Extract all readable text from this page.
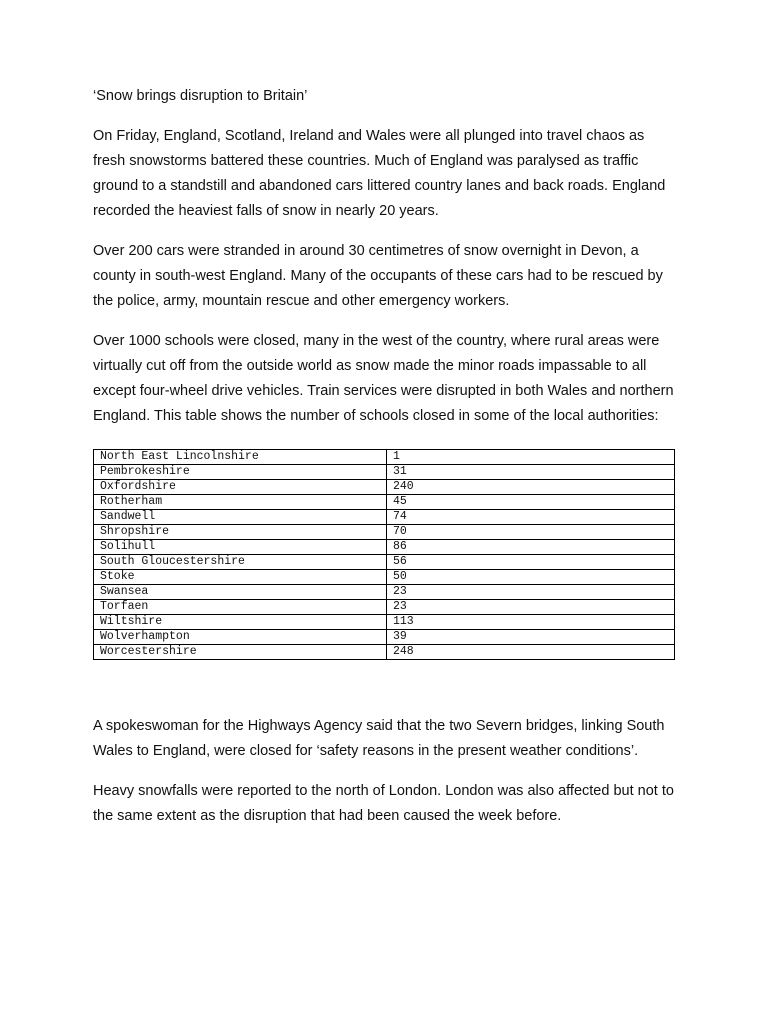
‘Snow brings disruption to Britain’

On Friday, England, Scotland, Ireland and Wales were all plunged into travel chaos as fresh snowstorms battered these countries. Much of England was paralysed as traffic ground to a standstill and abandoned cars littered country lanes and back roads. England recorded the heaviest falls of snow in nearly 20 years.

Over 200 cars were stranded in around 30 centimetres of snow overnight in Devon, a county in south-west England. Many of the occupants of these cars had to be rescued by the police, army, mountain rescue and other emergency workers.

Over 1000 schools were closed, many in the west of the country, where rural areas were virtually cut off from the outside world as snow made the minor roads impassable to all except four-wheel drive vehicles. Train services were disrupted in both Wales and northern England. This table shows the number of schools closed in some of the local authorities:

North East Lincolnshire	1
Pembrokeshire	31
Oxfordshire	240
Rotherham	45
Sandwell	74
Shropshire	70
Solihull	86
South Gloucestershire	56
Stoke	50
Swansea	23
Torfaen	23
Wiltshire	113
Wolverhampton	39
Worcestershire	248

A spokeswoman for the Highways Agency said that the two Severn bridges, linking South Wales to England, were closed for ‘safety reasons in the present weather conditions’.

Heavy snowfalls were reported to the north of London. London was also affected but not to the same extent as the disruption that had been caused the week before.
